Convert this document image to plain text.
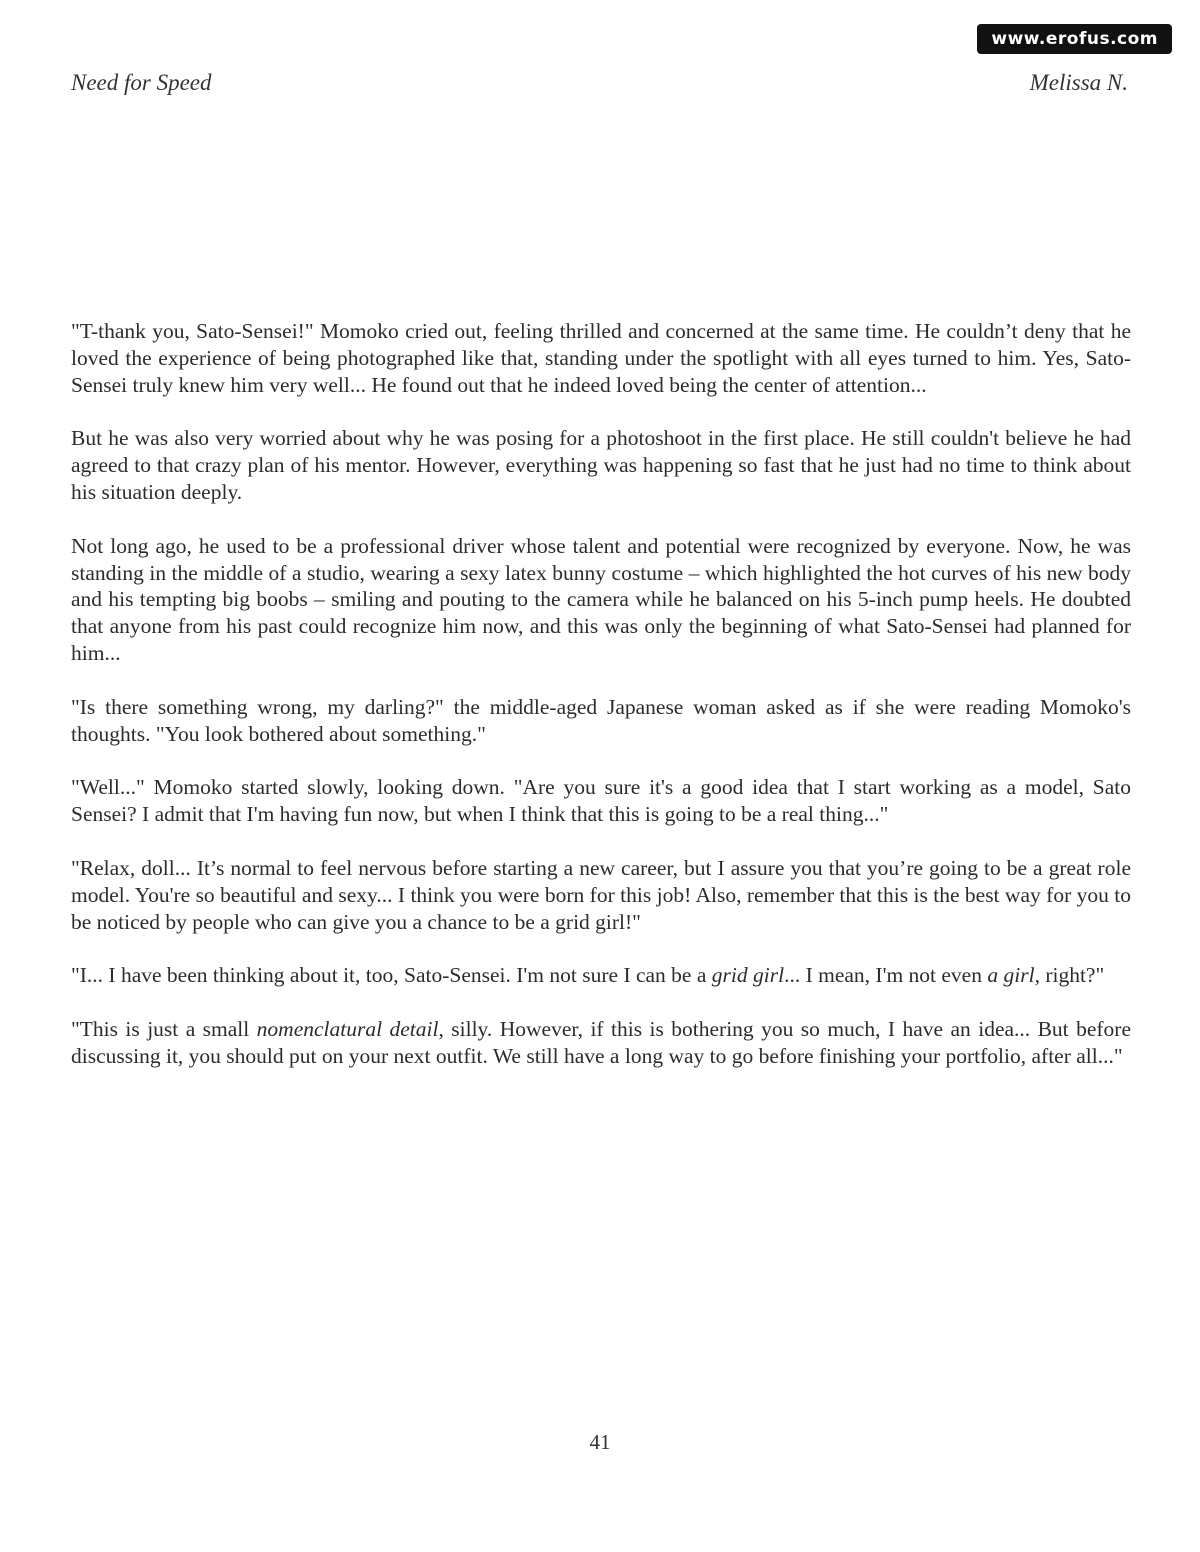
www.erofus.com
Need for Speed	Melissa N.

"T-thank you, Sato-Sensei!" Momoko cried out, feeling thrilled and concerned at the same time. He couldn’t deny that he loved the experience of being photographed like that, standing under the spotlight with all eyes turned to him. Yes, Sato-Sensei truly knew him very well... He found out that he indeed loved being the center of attention...

But he was also very worried about why he was posing for a photoshoot in the first place. He still couldn't believe he had agreed to that crazy plan of his mentor. However, everything was happening so fast that he just had no time to think about his situation deeply.

Not long ago, he used to be a professional driver whose talent and potential were recognized by everyone. Now, he was standing in the middle of a studio, wearing a sexy latex bunny costume – which highlighted the hot curves of his new body and his tempting big boobs – smiling and pouting to the camera while he balanced on his 5-inch pump heels. He doubted that anyone from his past could recognize him now, and this was only the beginning of what Sato-Sensei had planned for him...

"Is there something wrong, my darling?" the middle-aged Japanese woman asked as if she were reading Momoko's thoughts. "You look bothered about something."

"Well..." Momoko started slowly, looking down. "Are you sure it's a good idea that I start working as a model, Sato Sensei? I admit that I'm having fun now, but when I think that this is going to be a real thing..."

"Relax, doll... It’s normal to feel nervous before starting a new career, but I assure you that you’re going to be a great role model. You're so beautiful and sexy... I think you were born for this job! Also, remember that this is the best way for you to be noticed by people who can give you a chance to be a grid girl!"

"I... I have been thinking about it, too, Sato-Sensei. I'm not sure I can be a grid girl... I mean, I'm not even a girl, right?"

"This is just a small nomenclatural detail, silly. However, if this is bothering you so much, I have an idea... But before discussing it, you should put on your next outfit. We still have a long way to go before finishing your portfolio, after all..."

41
